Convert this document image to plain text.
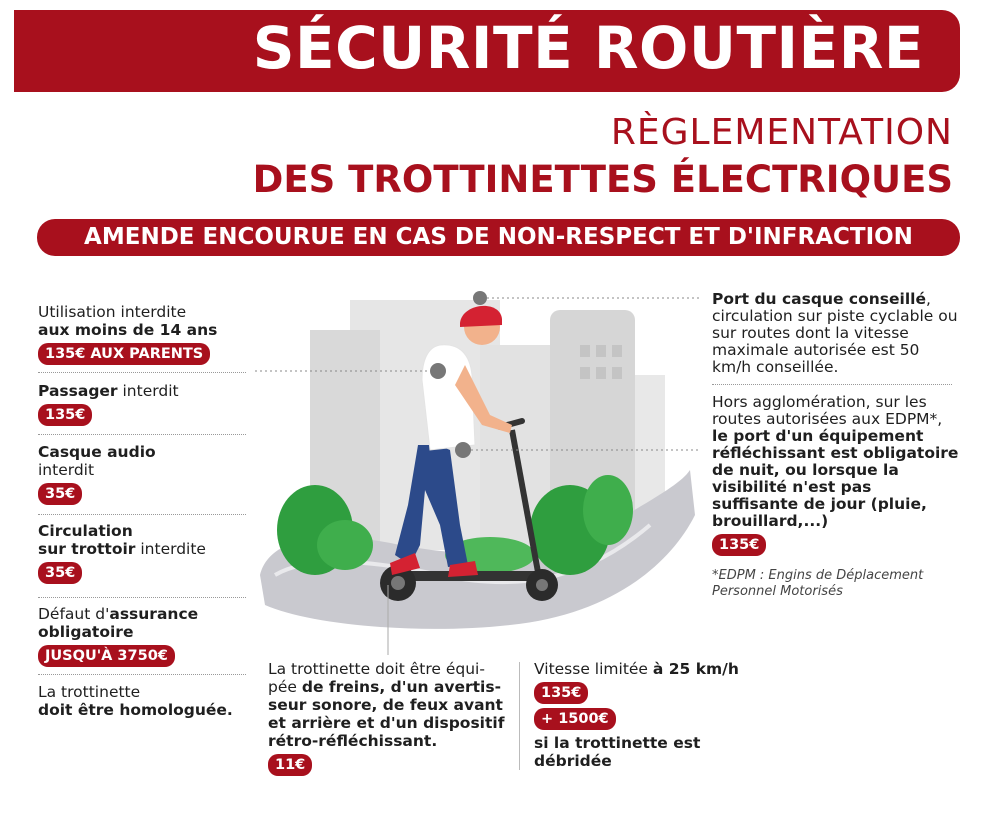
SÉCURITÉ ROUTIÈRE
RÈGLEMENTATION
DES TROTTINETTES ÉLECTRIQUES
AMENDE ENCOURUE EN CAS DE NON-RESPECT ET D'INFRACTION
Utilisation interdite
aux moins de 14 ans
135€ AUX PARENTS
Passager interdit
135€
Casque audio
interdit
35€
Circulation
sur trottoir interdite
35€
Défaut d'assurance
obligatoire
JUSQU'À 3750€
La trottinette
doit être homologuée.
Port du casque conseillé, circulation sur piste cyclable ou sur routes dont la vitesse maximale autorisée est 50 km/h conseillée.
Hors agglomération, sur les routes autorisées aux EDPM*, le port d'un équipement réfléchissant est obligatoire de nuit, ou lorsque la visibilité n'est pas suffisante de jour (pluie, brouillard,...)
135€
*EDPM : Engins de Déplacement Personnel Motorisés
La trottinette doit être équi-pée de freins, d'un avertis-seur sonore, de feux avant et arrière et d'un dispositif rétro-réfléchissant.
11€
Vitesse limitée à 25 km/h
135€
+ 1500€
si la trottinette est débridée
